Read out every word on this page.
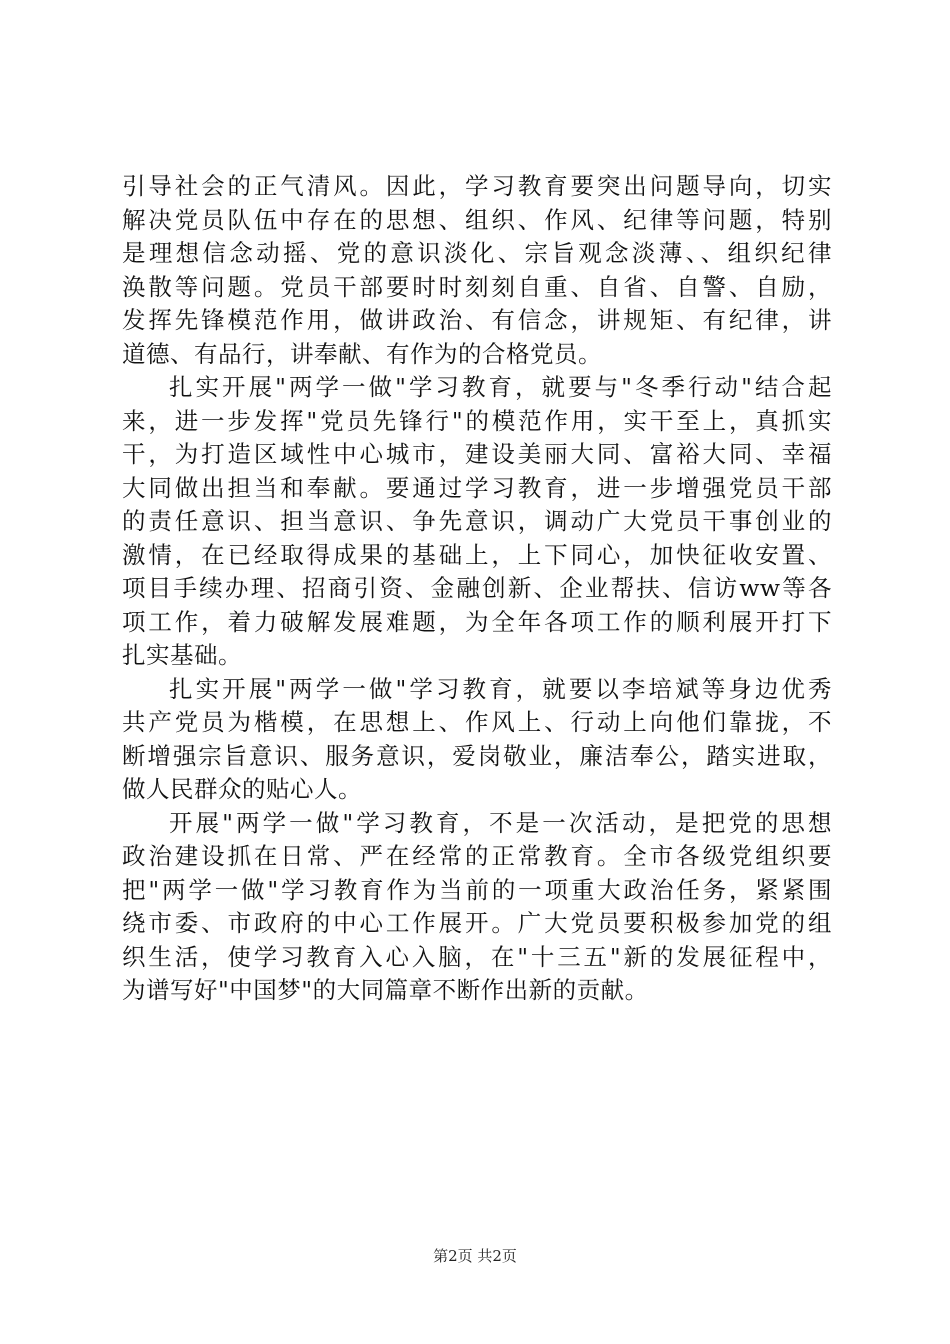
引导社会的正气清风。因此，学习教育要突出问题导向，切实
解决党员队伍中存在的思想、组织、作风、纪律等问题，特别
是理想信念动摇、党的意识淡化、宗旨观念淡薄、、组织纪律
涣散等问题。党员干部要时时刻刻自重、自省、自警、自励，
发挥先锋模范作用，做讲政治、有信念，讲规矩、有纪律，讲
道德、有品行，讲奉献、有作为的合格党员。
扎实开展"两学一做"学习教育，就要与"冬季行动"结合起
来，进一步发挥"党员先锋行"的模范作用，实干至上，真抓实
干，为打造区域性中心城市，建设美丽大同、富裕大同、幸福
大同做出担当和奉献。要通过学习教育，进一步增强党员干部
的责任意识、担当意识、争先意识，调动广大党员干事创业的
激情，在已经取得成果的基础上，上下同心，加快征收安置、
项目手续办理、招商引资、金融创新、企业帮扶、信访ww等各
项工作，着力破解发展难题，为全年各项工作的顺利展开打下
扎实基础。
扎实开展"两学一做"学习教育，就要以李培斌等身边优秀
共产党员为楷模，在思想上、作风上、行动上向他们靠拢，不
断增强宗旨意识、服务意识，爱岗敬业，廉洁奉公，踏实进取，
做人民群众的贴心人。
开展"两学一做"学习教育，不是一次活动，是把党的思想
政治建设抓在日常、严在经常的正常教育。全市各级党组织要
把"两学一做"学习教育作为当前的一项重大政治任务，紧紧围
绕市委、市政府的中心工作展开。广大党员要积极参加党的组
织生活，使学习教育入心入脑，在"十三五"新的发展征程中，
为谱写好"中国梦"的大同篇章不断作出新的贡献。
第2页 共2页
